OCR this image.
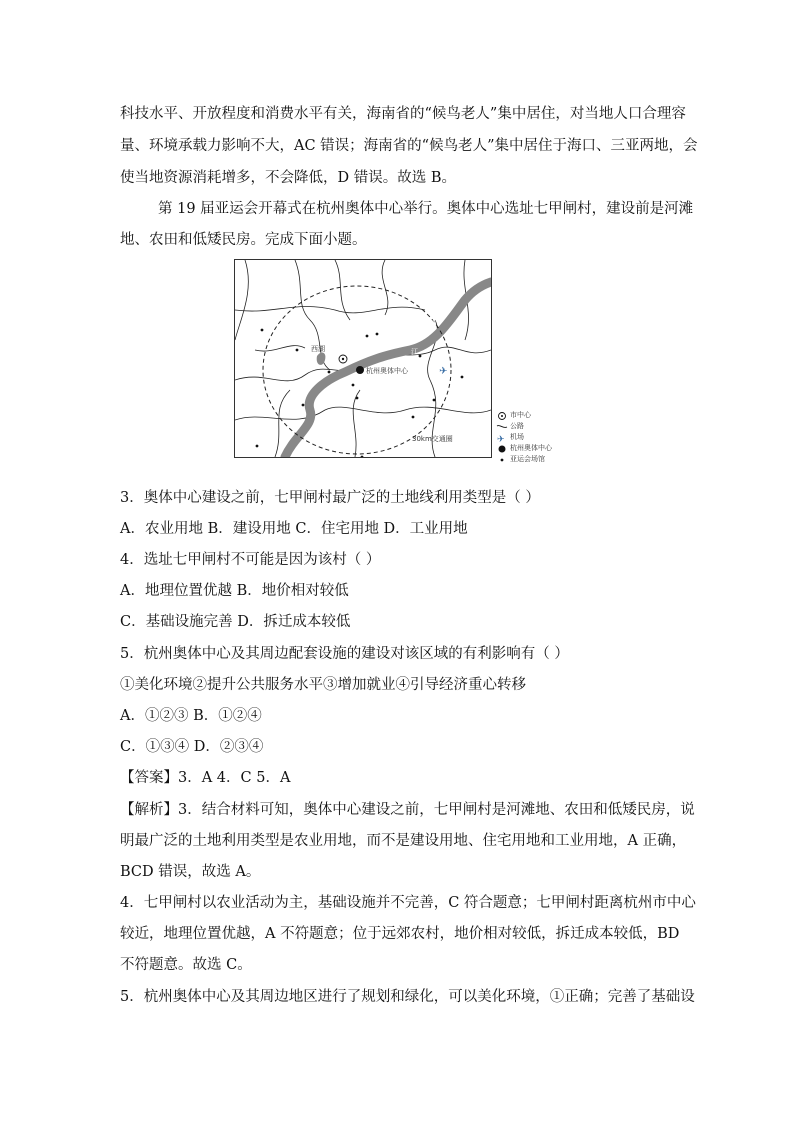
科技水平、开放程度和消费水平有关，海南省的“候鸟老人”集中居住，对当地人口合理容
量、环境承载力影响不大，AC 错误；海南省的“候鸟老人”集中居住于海口、三亚两地，会
使当地资源消耗增多，不会降低，D 错误。故选 B。
第 19 届亚运会开幕式在杭州奥体中心举行。奥体中心选址七甲闸村，建设前是河滩
地、农田和低矮民房。完成下面小题。
✈
西湖
杭州奥体中心
30km交通圈
钱
塘
江
市中心
公路
✈ 机场
杭州奥体中心
亚运会场馆
3．奥体中心建设之前，七甲闸村最广泛的土地线利用类型是（ ）
A．农业用地 B．建设用地 C．住宅用地 D．工业用地
4．选址七甲闸村不可能是因为该村（ ）
A．地理位置优越 B．地价相对较低
C．基础设施完善 D．拆迁成本较低
5．杭州奥体中心及其周边配套设施的建设对该区域的有利影响有（ ）
①美化环境②提升公共服务水平③增加就业④引导经济重心转移
A．①②③ B．①②④
C．①③④ D．②③④
【答案】3．A 4．C 5．A
【解析】3．结合材料可知，奥体中心建设之前，七甲闸村是河滩地、农田和低矮民房，说
明最广泛的土地利用类型是农业用地，而不是建设用地、住宅用地和工业用地，A 正确，
BCD 错误，故选 A。
4．七甲闸村以农业活动为主，基础设施并不完善，C 符合题意；七甲闸村距离杭州市中心
较近，地理位置优越，A 不符题意；位于远郊农村，地价相对较低，拆迁成本较低，BD
不符题意。故选 C。
5．杭州奥体中心及其周边地区进行了规划和绿化，可以美化环境，①正确；完善了基础设
